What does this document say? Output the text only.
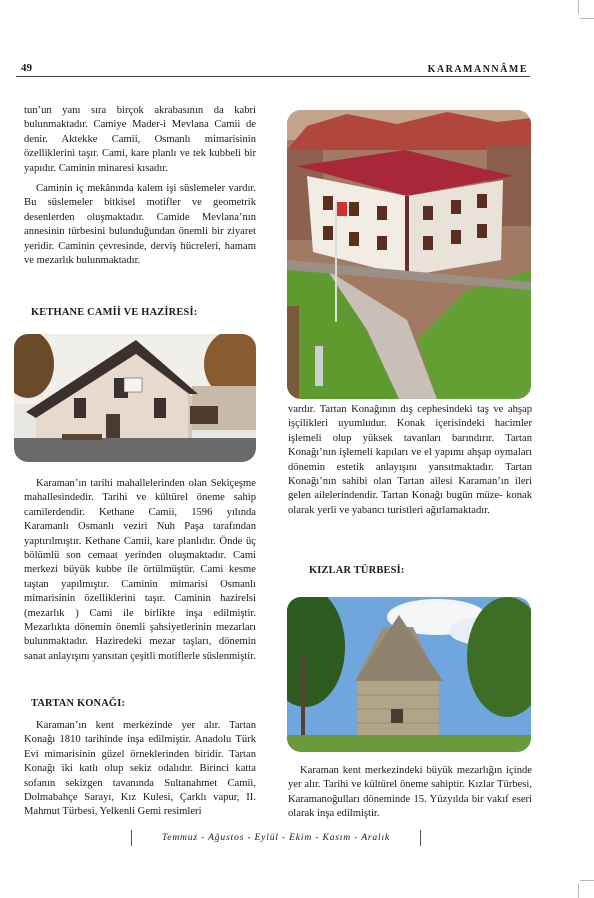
49	KARAMANNÂME

tun’un yanı sıra birçok akrabasının da kabri bulunmaktadır. Camiye Mader-i Mevlana Camii de denir. Aktekke Camii, Osmanlı mimarisinin özelliklerini taşır. Cami, kare planlı ve tek kubbeli bir yapıdır. Caminin minaresi kısadır.

Caminin iç mekânında kalem işi süslemeler vardır. Bu süslemeler bitkisel motifler ve geometrik desenlerden oluşmaktadır. Camide Mevlana’nın annesinin türbesini bulunduğundan önemli bir ziyaret yeridir. Caminin çevresinde, derviş hücreleri, hamam ve mezarlık bulunmaktadır.

KETHANE CAMİİ VE HAZİRESİ:

Karaman’ın tarihi mahallelerinden olan Sekiçeşme mahallesindedir. Tarihi ve kültürel öneme sahip camilerdendir. Kethane Camii, 1596 yılında Karamanlı Osmanlı veziri Nuh Paşa tarafından yaptırılmıştır. Kethane Camii, kare planlıdır. Önde üç bölümlü son cemaat yerinden oluşmaktadır. Cami merkezi büyük kubbe ile örtülmüştür. Cami kesme taştan yapılmıştır. Caminin mimarisi Osmanlı mimarisinin özelliklerini taşır. Caminin hazirelsi (mezarlık ) Cami ile birlikte inşa edilmiştir. Mezarlıkta dönemin önemli şahsiyetlerinin mezarları bulunmaktadır. Haziredeki mezar taşları, dönemin sanat anlayışını yansıtan çeşitli motiflerle süslenmiştir.

TARTAN KONAĞI:

Karaman’ın kent merkezinde yer alır. Tartan Konağı 1810 tarihinde inşa edilmiştir. Anadolu Türk Evi mimarisinin güzel örneklerinden biridir. Tartan Konağı iki katlı olup sekiz odalıdır. Birinci katta sofanın sekizgen tavanında Sultanahmet Camii, Dolmabahçe Sarayı, Kız Kulesi, Çarklı vapur, II. Mahmut Türbesi, Yelkenli Gemi resimleri

vardır. Tartan Konağının dış cephesindeki taş ve ahşap işçilikleri uyumludur. Konak içerisindeki hacimler işlemeli olup yüksek tavanları barındırır. Tartan Konağı’nın işlemeli kapıları ve el yapımı ahşap oymaları dönemin estetik anlayışını yansıtmaktadır. Tartan Konağı’nın sahibi olan Tartan ailesi Karaman’ın ileri gelen ailelerindendir. Tartan Konağı bugün müze- konak olarak yerli ve yabancı turistleri ağırlamaktadır.

KIZLAR TÜRBESİ:

Karaman kent merkezindeki büyük mezarlığın içinde yer alır. Tarihi ve kültürel öneme sahiptir. Kızlar Türbesi, Karamanoğulları döneminde 15. Yüzyılda bir vakıf eseri olarak inşa edilmiştir.

Temmuz - Ağustos - Eylül - Ekim - Kasım - Aralık
